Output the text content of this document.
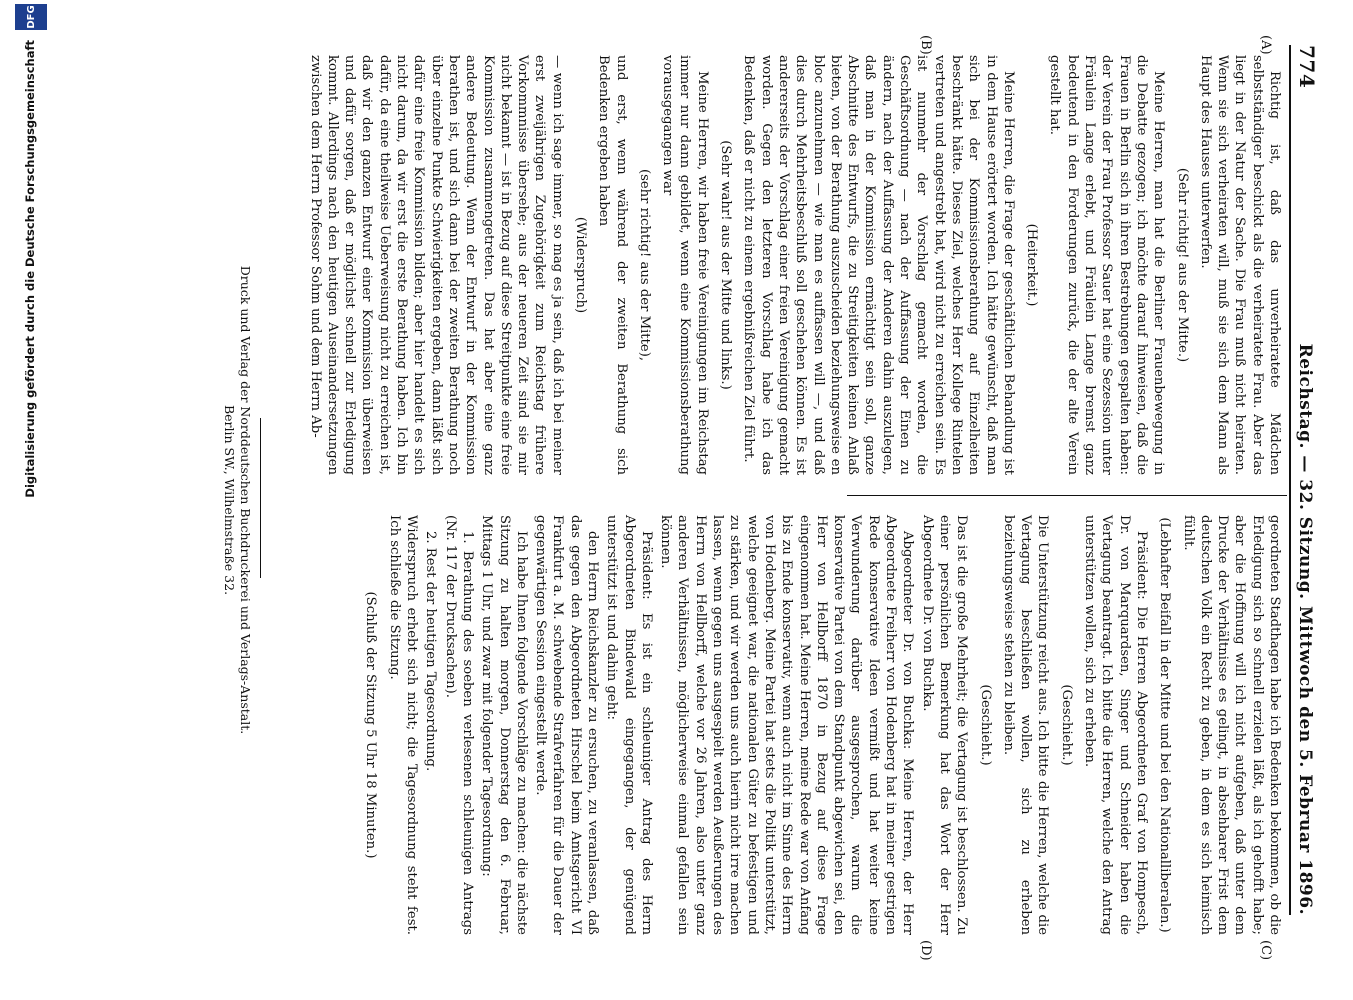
774
Reichstag. — 32. Sitzung. Mittwoch den 5. Februar 1896.
(A)
(B)
(C)
(D)

Richtig ist, daß das unverheiratete Mädchen selbstständiger beschickt als die verheiratete Frau. Aber das liegt in der Natur der Sache. Die Frau muß nicht heiraten. Wenn sie sich verheiraten will, muß sie sich dem Mann als Haupt des Hauses unterwerfen.

(Sehr richtig! aus der Mitte.)

Meine Herren, man hat die Berliner Frauenbewegung in die Debatte gezogen; ich möchte darauf hinweisen, daß die Frauen in Berlin sich in ihren Bestrebungen gespalten haben: der Verein der Frau Professor Sauer hat eine Sezession unter Fräulein Lange erlebt, und Fräulein Lange bremst ganz bedeutend in den Forderungen zurück, die der alte Verein gestellt hat.

(Heiterkeit.)

Meine Herren, die Frage der geschäftlichen Behandlung ist in dem Hause erörtert worden. Ich hätte gewünscht, daß man sich bei der Kommissionsberathung auf Einzelheiten beschränkt hätte. Dieses Ziel, welches Herr Kollege Rintelen vertreten und angestrebt hat, wird nicht zu erreichen sein. Es ist nunmehr der Vorschlag gemacht worden, die Geschäftsordnung — nach der Auffassung der Einen zu ändern, nach der Auffassung der Anderen dahin auszulegen, daß man in der Kommission ermächtigt sein soll, ganze Abschnitte des Entwurfs, die zu Streitigkeiten keinen Anlaß bieten, von der Berathung auszuscheiden beziehungsweise en bloc anzunehmen — wie man es auffassen will —, und daß dies durch Mehrheitsbeschluß soll geschehen können. Es ist andererseits der Vorschlag einer freien Vereinigung gemacht worden. Gegen den letzteren Vorschlag habe ich das Bedenken, daß er nicht zu einem ergebnißreichen Ziel führt.

(Sehr wahr! aus der Mitte und links.)

Meine Herren, wir haben freie Vereinigungen im Reichstag immer nur dann gebildet, wenn eine Kommissionsberathung vorausgegangen war

(sehr richtig! aus der Mitte),

und erst, wenn während der zweiten Berathung sich Bedenken ergeben haben

(Widerspruch)

— wenn ich sage immer, so mag es ja sein, daß ich bei meiner erst zweijährigen Zugehörigkeit zum Reichstag frühere Vorkommnisse übersehe; aus der neueren Zeit sind sie mir nicht bekannt — ist in Bezug auf diese Streitpunkte eine freie Kommission zusammengetreten. Das hat aber eine ganz andere Bedeutung. Wenn der Entwurf in der Kommission berathen ist, und sich dann bei der zweiten Berathung noch über einzelne Punkte Schwierigkeiten ergeben, dann läßt sich dafür eine freie Kommission bilden; aber hier handelt es sich nicht darum, da wir erst die erste Berathung haben. Ich bin dafür, da eine theilweise Ueberweisung nicht zu erreichen ist, daß wir den ganzen Entwurf einer Kommission überweisen und dafür sorgen, daß er möglichst schnell zur Erledigung kommt. Allerdings nach den heutigen Auseinandersetzungen zwischen dem Herrn Professor Sohm und dem Herrn Ab-

geordneten Stadthagen habe ich Bedenken bekommen, ob die Erledigung sich so schnell erzielen läßt, als ich gehofft habe; aber die Hoffnung will ich nicht aufgeben, daß unter dem Drucke der Verhältnisse es gelingt, in absehbarer Frist dem deutschen Volk ein Recht zu geben, in dem es sich heimisch fühlt.

(Lebhafter Beifall in der Mitte und bei den Nationalliberalen.)

Präsident: Die Herren Abgeordneten Graf von Hompesch, Dr. von Marquardsen, Singer und Schneider haben die Vertagung beantragt. Ich bitte die Herren, welche den Antrag unterstützen wollen, sich zu erheben.

(Geschieht.)

Die Unterstützung reicht aus. Ich bitte die Herren, welche die Vertagung beschließen wollen, sich zu erheben beziehungsweise stehen zu bleiben.

(Geschieht.)

Das ist die große Mehrheit; die Vertagung ist beschlossen. Zu einer persönlichen Bemerkung hat das Wort der Herr Abgeordnete Dr. von Buchka.

Abgeordneter Dr. von Buchka: Meine Herren, der Herr Abgeordnete Freiherr von Hodenberg hat in meiner gestrigen Rede konservative Ideen vermißt und hat weiter keine Verwunderung darüber ausgesprochen, warum die konservative Partei von dem Standpunkt abgewichen sei, den Herr von Hellborff 1870 in Bezug auf diese Frage eingenommen hat. Meine Herren, meine Rede war von Anfang bis zu Ende konservativ, wenn auch nicht im Sinne des Herrn von Hodenberg. Meine Partei hat stets die Politik unterstützt, welche geeignet war, die nationalen Güter zu befestigen und zu stärken, und wir werden uns auch hierin nicht irre machen lassen, wenn gegen uns ausgespielt werden Aeußerungen des Herrn von Hellborff, welche vor 26 Jahren, also unter ganz anderen Verhältnissen, möglicherweise einmal gefallen sein können.

Präsident: Es ist ein schleuniger Antrag des Herrn Abgeordneten Bindewald eingegangen, der genügend unterstützt ist und dahin geht:

den Herrn Reichskanzler zu ersuchen, zu veranlassen, daß das gegen den Abgeordneten Hirschel beim Amtsgericht VI Frankfurt a. M. schwebende Strafverfahren für die Dauer der gegenwärtigen Session eingestellt werde.

Ich habe Ihnen folgende Vorschläge zu machen: die nächste Sitzung zu halten morgen, Donnerstag den 6. Februar, Mittags 1 Uhr, und zwar mit folgender Tagesordnung:

1. Berathung des soeben verlesenen schleunigen Antrags (Nr. 117 der Drucksachen).

2. Rest der heutigen Tagesordnung.

Widerspruch erhebt sich nicht; die Tagesordnung steht fest. Ich schließe die Sitzung.

(Schluß der Sitzung 5 Uhr 18 Minuten.)

Druck und Verlag der Norddeutschen Buchdruckerei und Verlags-Anstalt.
Berlin SW., Wilhelmstraße 32.
DFG
Digitalisierung gefördert durch die Deutsche Forschungsgemeinschaft
